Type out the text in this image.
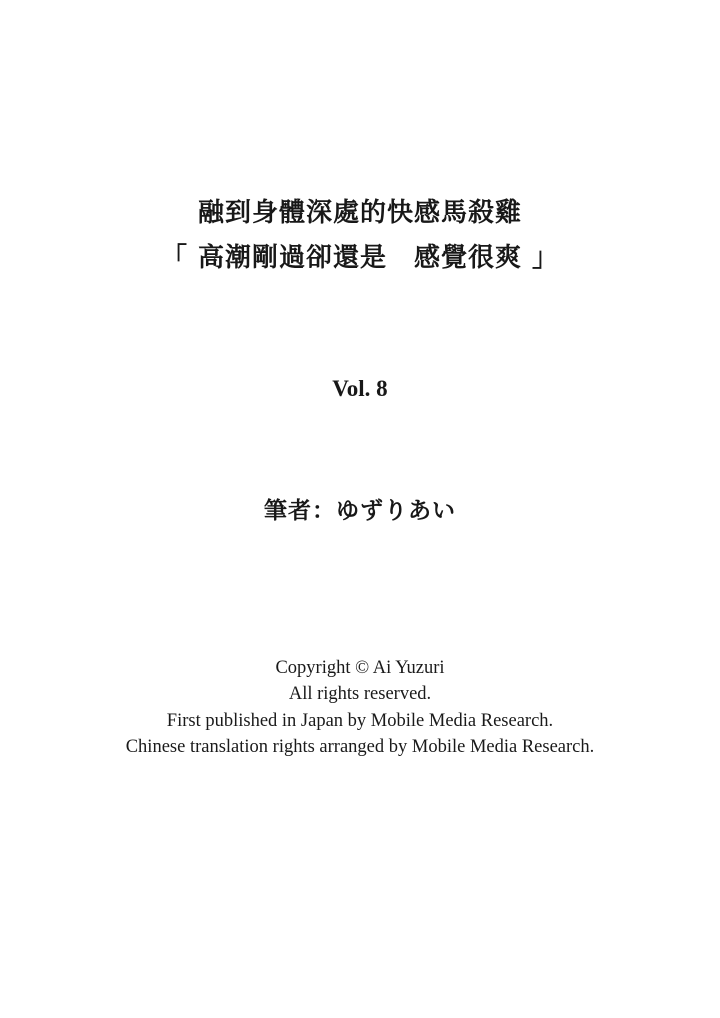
融到身體深處的快感馬殺雞
「 高潮剛過卻還是　感覺很爽 」
Vol. 8
筆者：ゆずりあい
Copyright © Ai Yuzuri
All rights reserved.
First published in Japan by Mobile Media Research.
Chinese translation rights arranged by Mobile Media Research.
